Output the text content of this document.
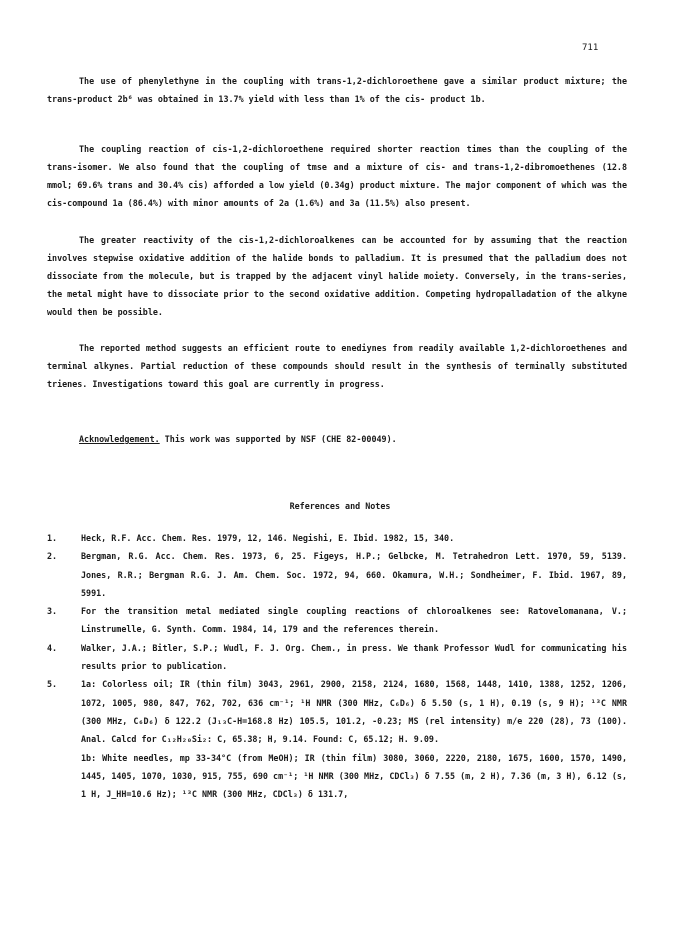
711
The use of phenylethyne in the coupling with trans-1,2-dichloroethene gave a similar product mixture; the trans-product 2b⁶ was obtained in 13.7% yield with less than 1% of the cis- product 1b.
The coupling reaction of cis-1,2-dichloroethene required shorter reaction times than the coupling of the trans-isomer. We also found that the coupling of tmse and a mixture of cis- and trans-1,2-dibromoethenes (12.8 mmol; 69.6% trans and 30.4% cis) afforded a low yield (0.34g) product mixture. The major component of which was the cis-compound 1a (86.4%) with minor amounts of 2a (1.6%) and 3a (11.5%) also present.
The greater reactivity of the cis-1,2-dichloroalkenes can be accounted for by assuming that the reaction involves stepwise oxidative addition of the halide bonds to palladium. It is presumed that the palladium does not dissociate from the molecule, but is trapped by the adjacent vinyl halide moiety. Conversely, in the trans-series, the metal might have to dissociate prior to the second oxidative addition. Competing hydropalladation of the alkyne would then be possible.
The reported method suggests an efficient route to enediynes from readily available 1,2-dichloroethenes and terminal alkynes. Partial reduction of these compounds should result in the synthesis of terminally substituted trienes. Investigations toward this goal are currently in progress.
Acknowledgement. This work was supported by NSF (CHE 82-00049).
References and Notes
1.	Heck, R.F. Acc. Chem. Res. 1979, 12, 146. Negishi, E. Ibid. 1982, 15, 340.
2.	Bergman, R.G. Acc. Chem. Res. 1973, 6, 25. Figeys, H.P.; Gelbcke, M. Tetrahedron Lett. 1970, 59, 5139. Jones, R.R.; Bergman R.G. J. Am. Chem. Soc. 1972, 94, 660. Okamura, W.H.; Sondheimer, F. Ibid. 1967, 89, 5991.
3.	For the transition metal mediated single coupling reactions of chloroalkenes see: Ratovelomanana, V.; Linstrumelle, G. Synth. Comm. 1984, 14, 179 and the references therein.
4.	Walker, J.A.; Bitler, S.P.; Wudl, F. J. Org. Chem., in press. We thank Professor Wudl for communicating his results prior to publication.
5.	1a: Colorless oil; IR (thin film) 3043, 2961, 2900, 2158, 2124, 1680, 1568, 1448, 1410, 1388, 1252, 1206, 1072, 1005, 980, 847, 762, 702, 636 cm⁻¹; ¹H NMR (300 MHz, C₆D₆) δ 5.50 (s, 1 H), 0.19 (s, 9 H); ¹³C NMR (300 MHz, C₆D₆) δ 122.2 (J₁₃C-H=168.8 Hz) 105.5, 101.2, -0.23; MS (rel intensity) m/e 220 (28), 73 (100). Anal. Calcd for C₁₂H₂₀Si₂: C, 65.38; H, 9.14. Found: C, 65.12; H. 9.09.
1b: White needles, mp 33-34°C (from MeOH); IR (thin film) 3080, 3060, 2220, 2180, 1675, 1600, 1570, 1490, 1445, 1405, 1070, 1030, 915, 755, 690 cm⁻¹; ¹H NMR (300 MHz, CDCl₃) δ 7.55 (m, 2 H), 7.36 (m, 3 H), 6.12 (s, 1 H, J_HH=10.6 Hz); ¹³C NMR (300 MHz, CDCl₃) δ 131.7,
